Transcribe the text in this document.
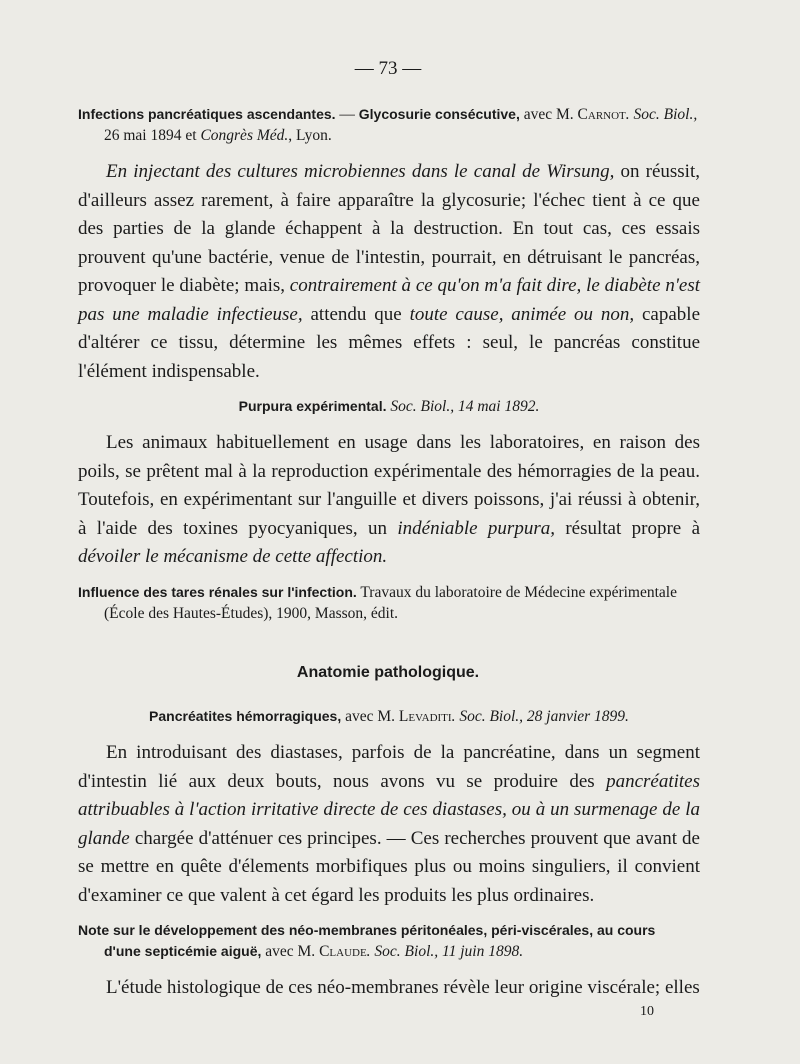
— 73 —

Infections pancréatiques ascendantes. — Glycosurie consécutive, avec M. Carnot. Soc. Biol.,
26 mai 1894 et Congrès Méd., Lyon.

En injectant des cultures microbiennes dans le canal de Wirsung, on réussit, d'ailleurs assez rarement, à faire apparaître la glycosurie; l'échec tient à ce que des parties de la glande échappent à la destruction. En tout cas, ces essais prouvent qu'une bactérie, venue de l'intestin, pourrait, en détruisant le pancréas, provoquer le diabète; mais, contrairement à ce qu'on m'a fait dire, le diabète n'est pas une maladie infectieuse, attendu que toute cause, animée ou non, capable d'altérer ce tissu, détermine les mêmes effets : seul, le pancréas constitue l'élément indispensable.

Purpura expérimental. Soc. Biol., 14 mai 1892.

Les animaux habituellement en usage dans les laboratoires, en raison des poils, se prêtent mal à la reproduction expérimentale des hémorragies de la peau. Toutefois, en expérimentant sur l'anguille et divers poissons, j'ai réussi à obtenir, à l'aide des toxines pyocyaniques, un indéniable purpura, résultat propre à dévoiler le mécanisme de cette affection.

Influence des tares rénales sur l'infection. Travaux du laboratoire de Médecine expérimentale
(École des Hautes-Études), 1900, Masson, édit.

Anatomie pathologique.

Pancréatites hémorragiques, avec M. Levaditi. Soc. Biol., 28 janvier 1899.

En introduisant des diastases, parfois de la pancréatine, dans un segment d'intestin lié aux deux bouts, nous avons vu se produire des pancréatites attribuables à l'action irritative directe de ces diastases, ou à un surmenage de la glande chargée d'atténuer ces principes. — Ces recherches prouvent que avant de se mettre en quête d'élements morbifiques plus ou moins singuliers, il convient d'examiner ce que valent à cet égard les produits les plus ordinaires.

Note sur le développement des néo-membranes péritonéales, péri-viscérales, au cours
d'une septicémie aiguë, avec M. Claude. Soc. Biol., 11 juin 1898.

L'étude histologique de ces néo-membranes révèle leur origine viscérale; elles

10
